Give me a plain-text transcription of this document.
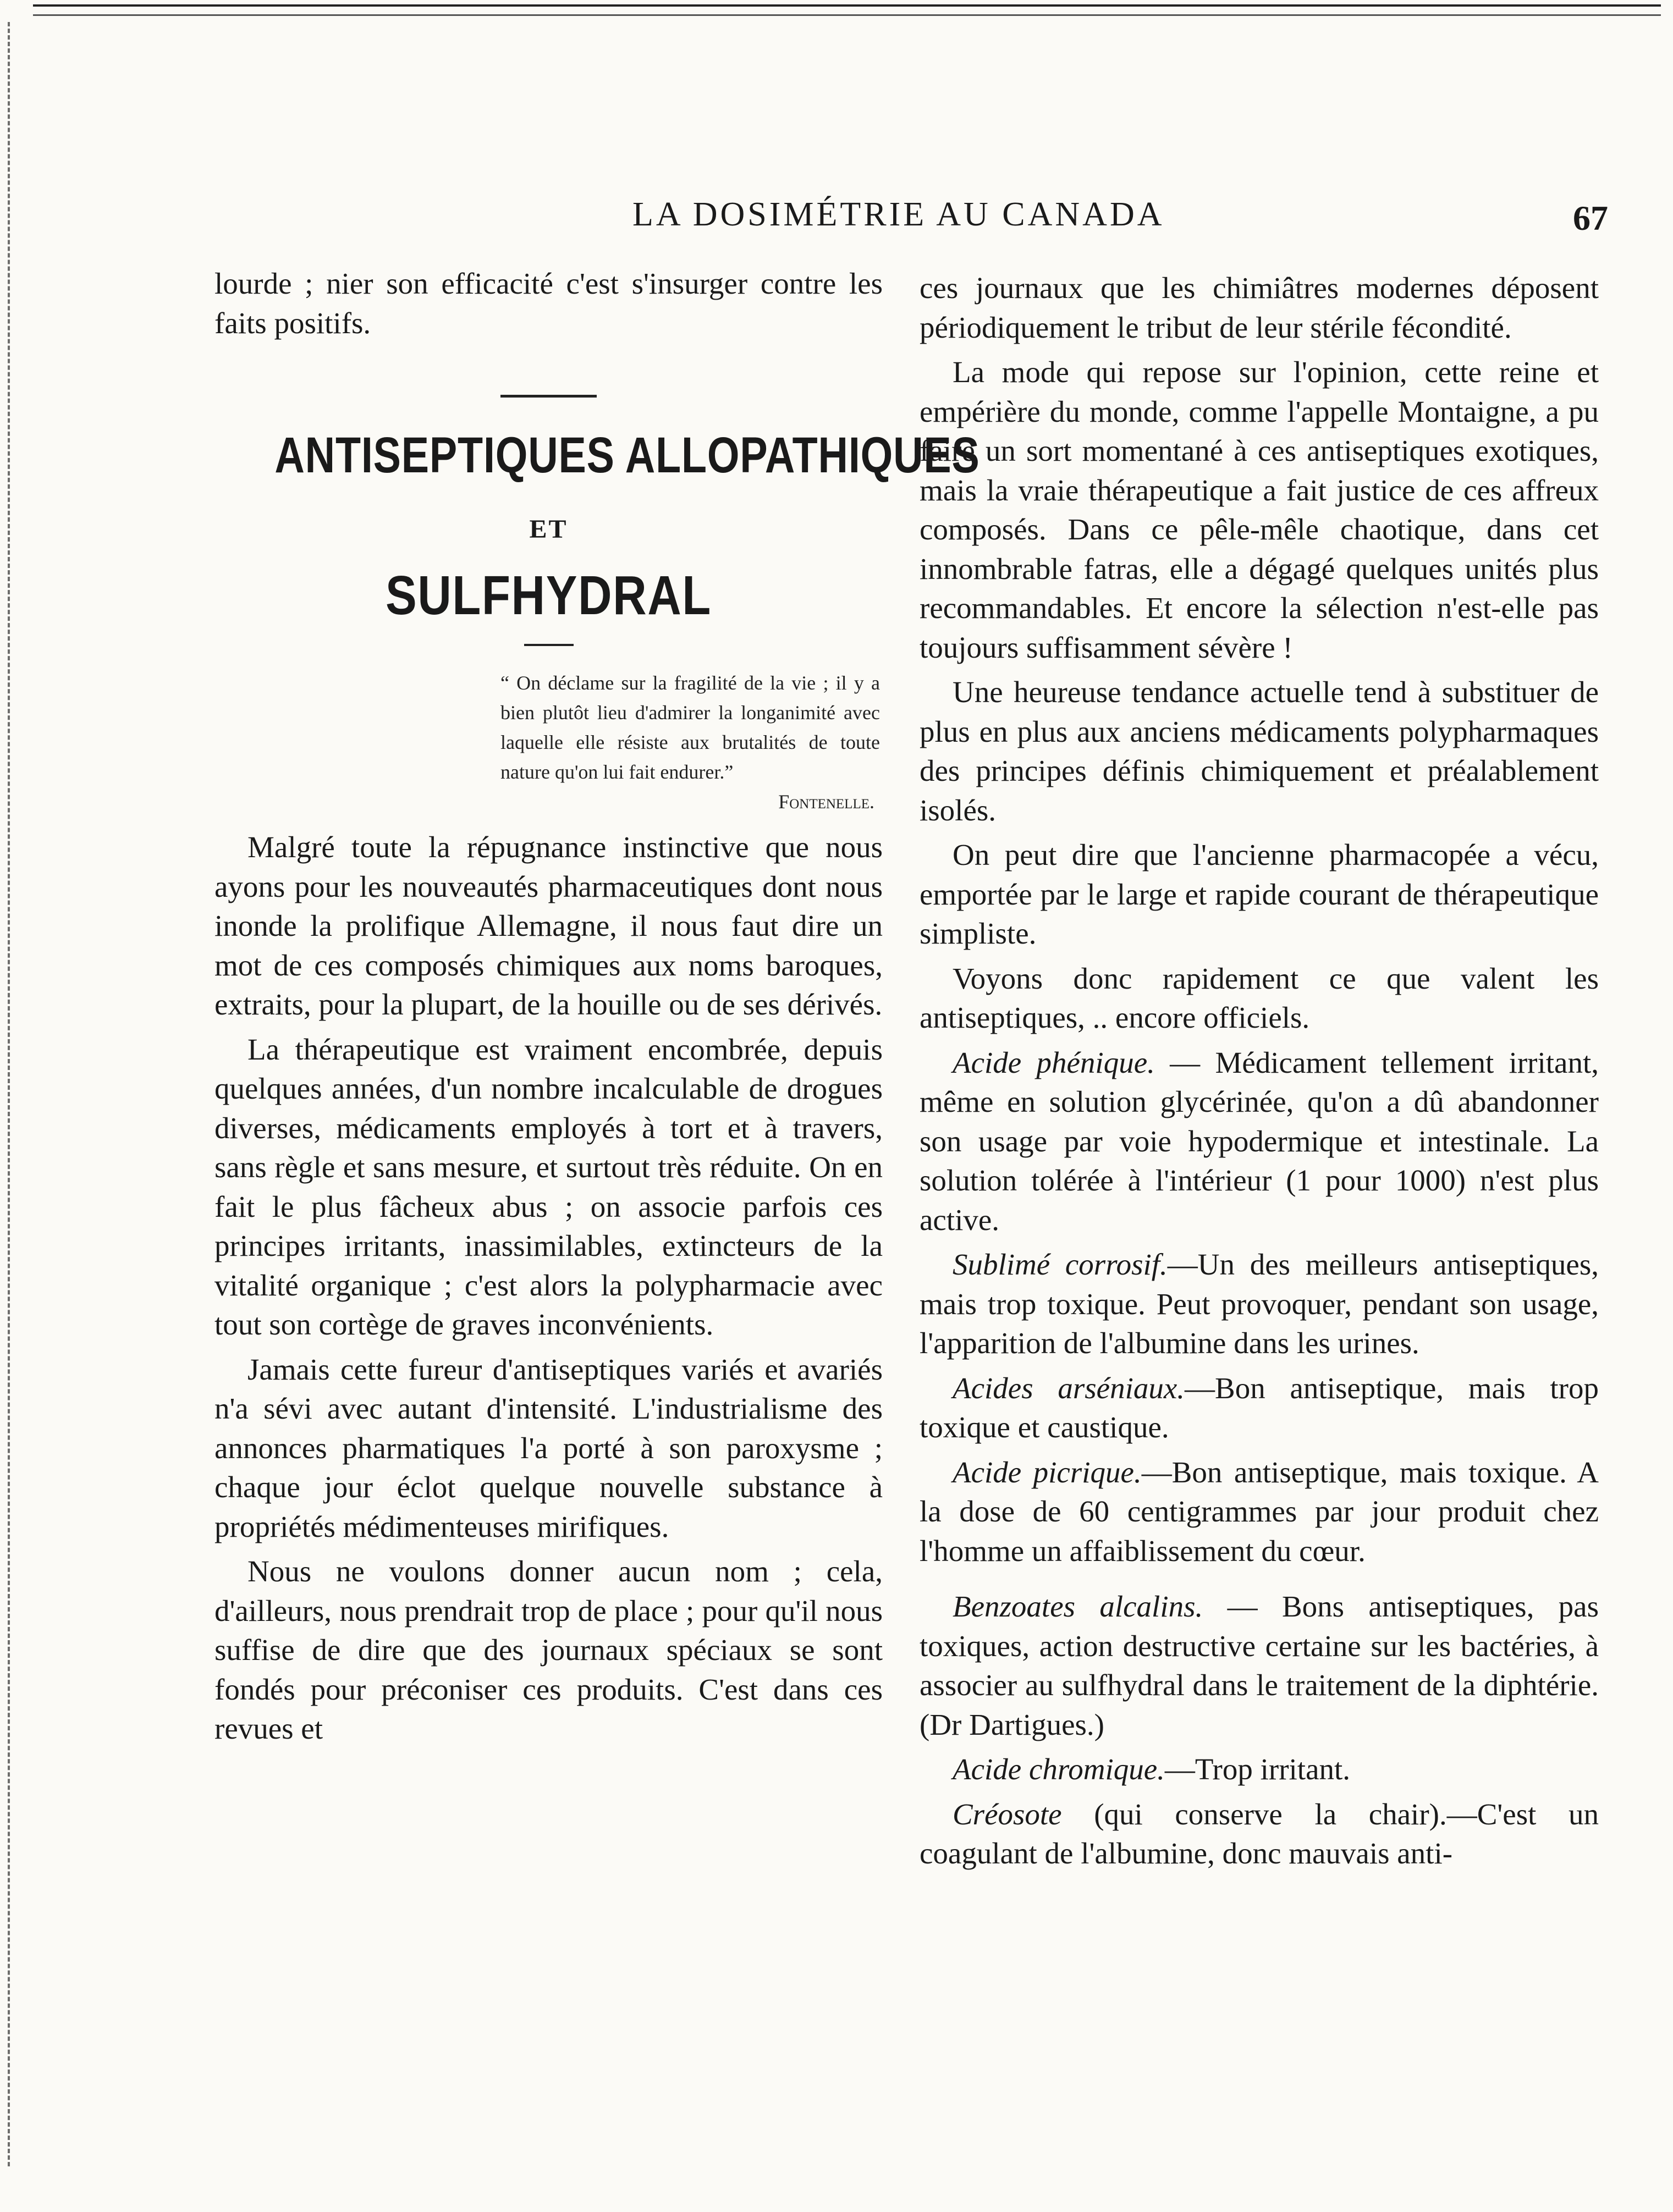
LA DOSIMÉTRIE AU CANADA	67

lourde ; nier son efficacité c'est s'insurger contre les faits positifs.

ANTISEPTIQUES ALLOPATHIQUES
ET
SULFHYDRAL
“ On déclame sur la fragilité de la vie ; il y a bien plutôt lieu d'admirer la longanimité avec laquelle elle résiste aux brutalités de toute nature qu'on lui fait endurer.”
Fontenelle.

Malgré toute la répugnance instinctive que nous ayons pour les nouveautés pharmaceutiques dont nous inonde la prolifique Allemagne, il nous faut dire un mot de ces composés chimiques aux noms baroques, extraits, pour la plupart, de la houille ou de ses dérivés.

La thérapeutique est vraiment encombrée, depuis quelques années, d'un nombre incalculable de drogues diverses, médicaments employés à tort et à travers, sans règle et sans mesure, et surtout très réduite. On en fait le plus fâcheux abus ; on associe parfois ces principes irritants, inassimilables, extincteurs de la vitalité organique ; c'est alors la polypharmacie avec tout son cortège de graves inconvénients.

Jamais cette fureur d'antiseptiques variés et avariés n'a sévi avec autant d'intensité. L'industrialisme des annonces pharmatiques l'a porté à son paroxysme ; chaque jour éclot quelque nouvelle substance à propriétés médimenteuses mirifiques.

Nous ne voulons donner aucun nom ; cela, d'ailleurs, nous prendrait trop de place ; pour qu'il nous suffise de dire que des journaux spéciaux se sont fondés pour préconiser ces produits. C'est dans ces revues et

ces journaux que les chimiâtres modernes déposent périodiquement le tribut de leur stérile fécondité.

La mode qui repose sur l'opinion, cette reine et empérière du monde, comme l'appelle Montaigne, a pu faire un sort momentané à ces antiseptiques exotiques, mais la vraie thérapeutique a fait justice de ces affreux composés. Dans ce pêle-mêle chaotique, dans cet innombrable fatras, elle a dégagé quelques unités plus recommandables. Et encore la sélection n'est-elle pas toujours suffisamment sévère !

Une heureuse tendance actuelle tend à substituer de plus en plus aux anciens médicaments polypharmaques des principes définis chimiquement et préalablement isolés.

On peut dire que l'ancienne pharmacopée a vécu, emportée par le large et rapide courant de thérapeutique simpliste.

Voyons donc rapidement ce que valent les antiseptiques, .. encore officiels.

Acide phénique. — Médicament tellement irritant, même en solution glycérinée, qu'on a dû abandonner son usage par voie hypodermique et intestinale. La solution tolérée à l'intérieur (1 pour 1000) n'est plus active.

Sublimé corrosif.—Un des meilleurs antiseptiques, mais trop toxique. Peut provoquer, pendant son usage, l'apparition de l'albumine dans les urines.

Acides arséniaux.—Bon antiseptique, mais trop toxique et caustique.

Acide picrique.—Bon antiseptique, mais toxique. A la dose de 60 centigrammes par jour produit chez l'homme un affaiblissement du cœur.

Benzoates alcalins. — Bons antiseptiques, pas toxiques, action destructive certaine sur les bactéries, à associer au sulfhydral dans le traitement de la diphtérie. (Dr Dartigues.)

Acide chromique.—Trop irritant.

Créosote (qui conserve la chair).—C'est un coagulant de l'albumine, donc mauvais anti-
